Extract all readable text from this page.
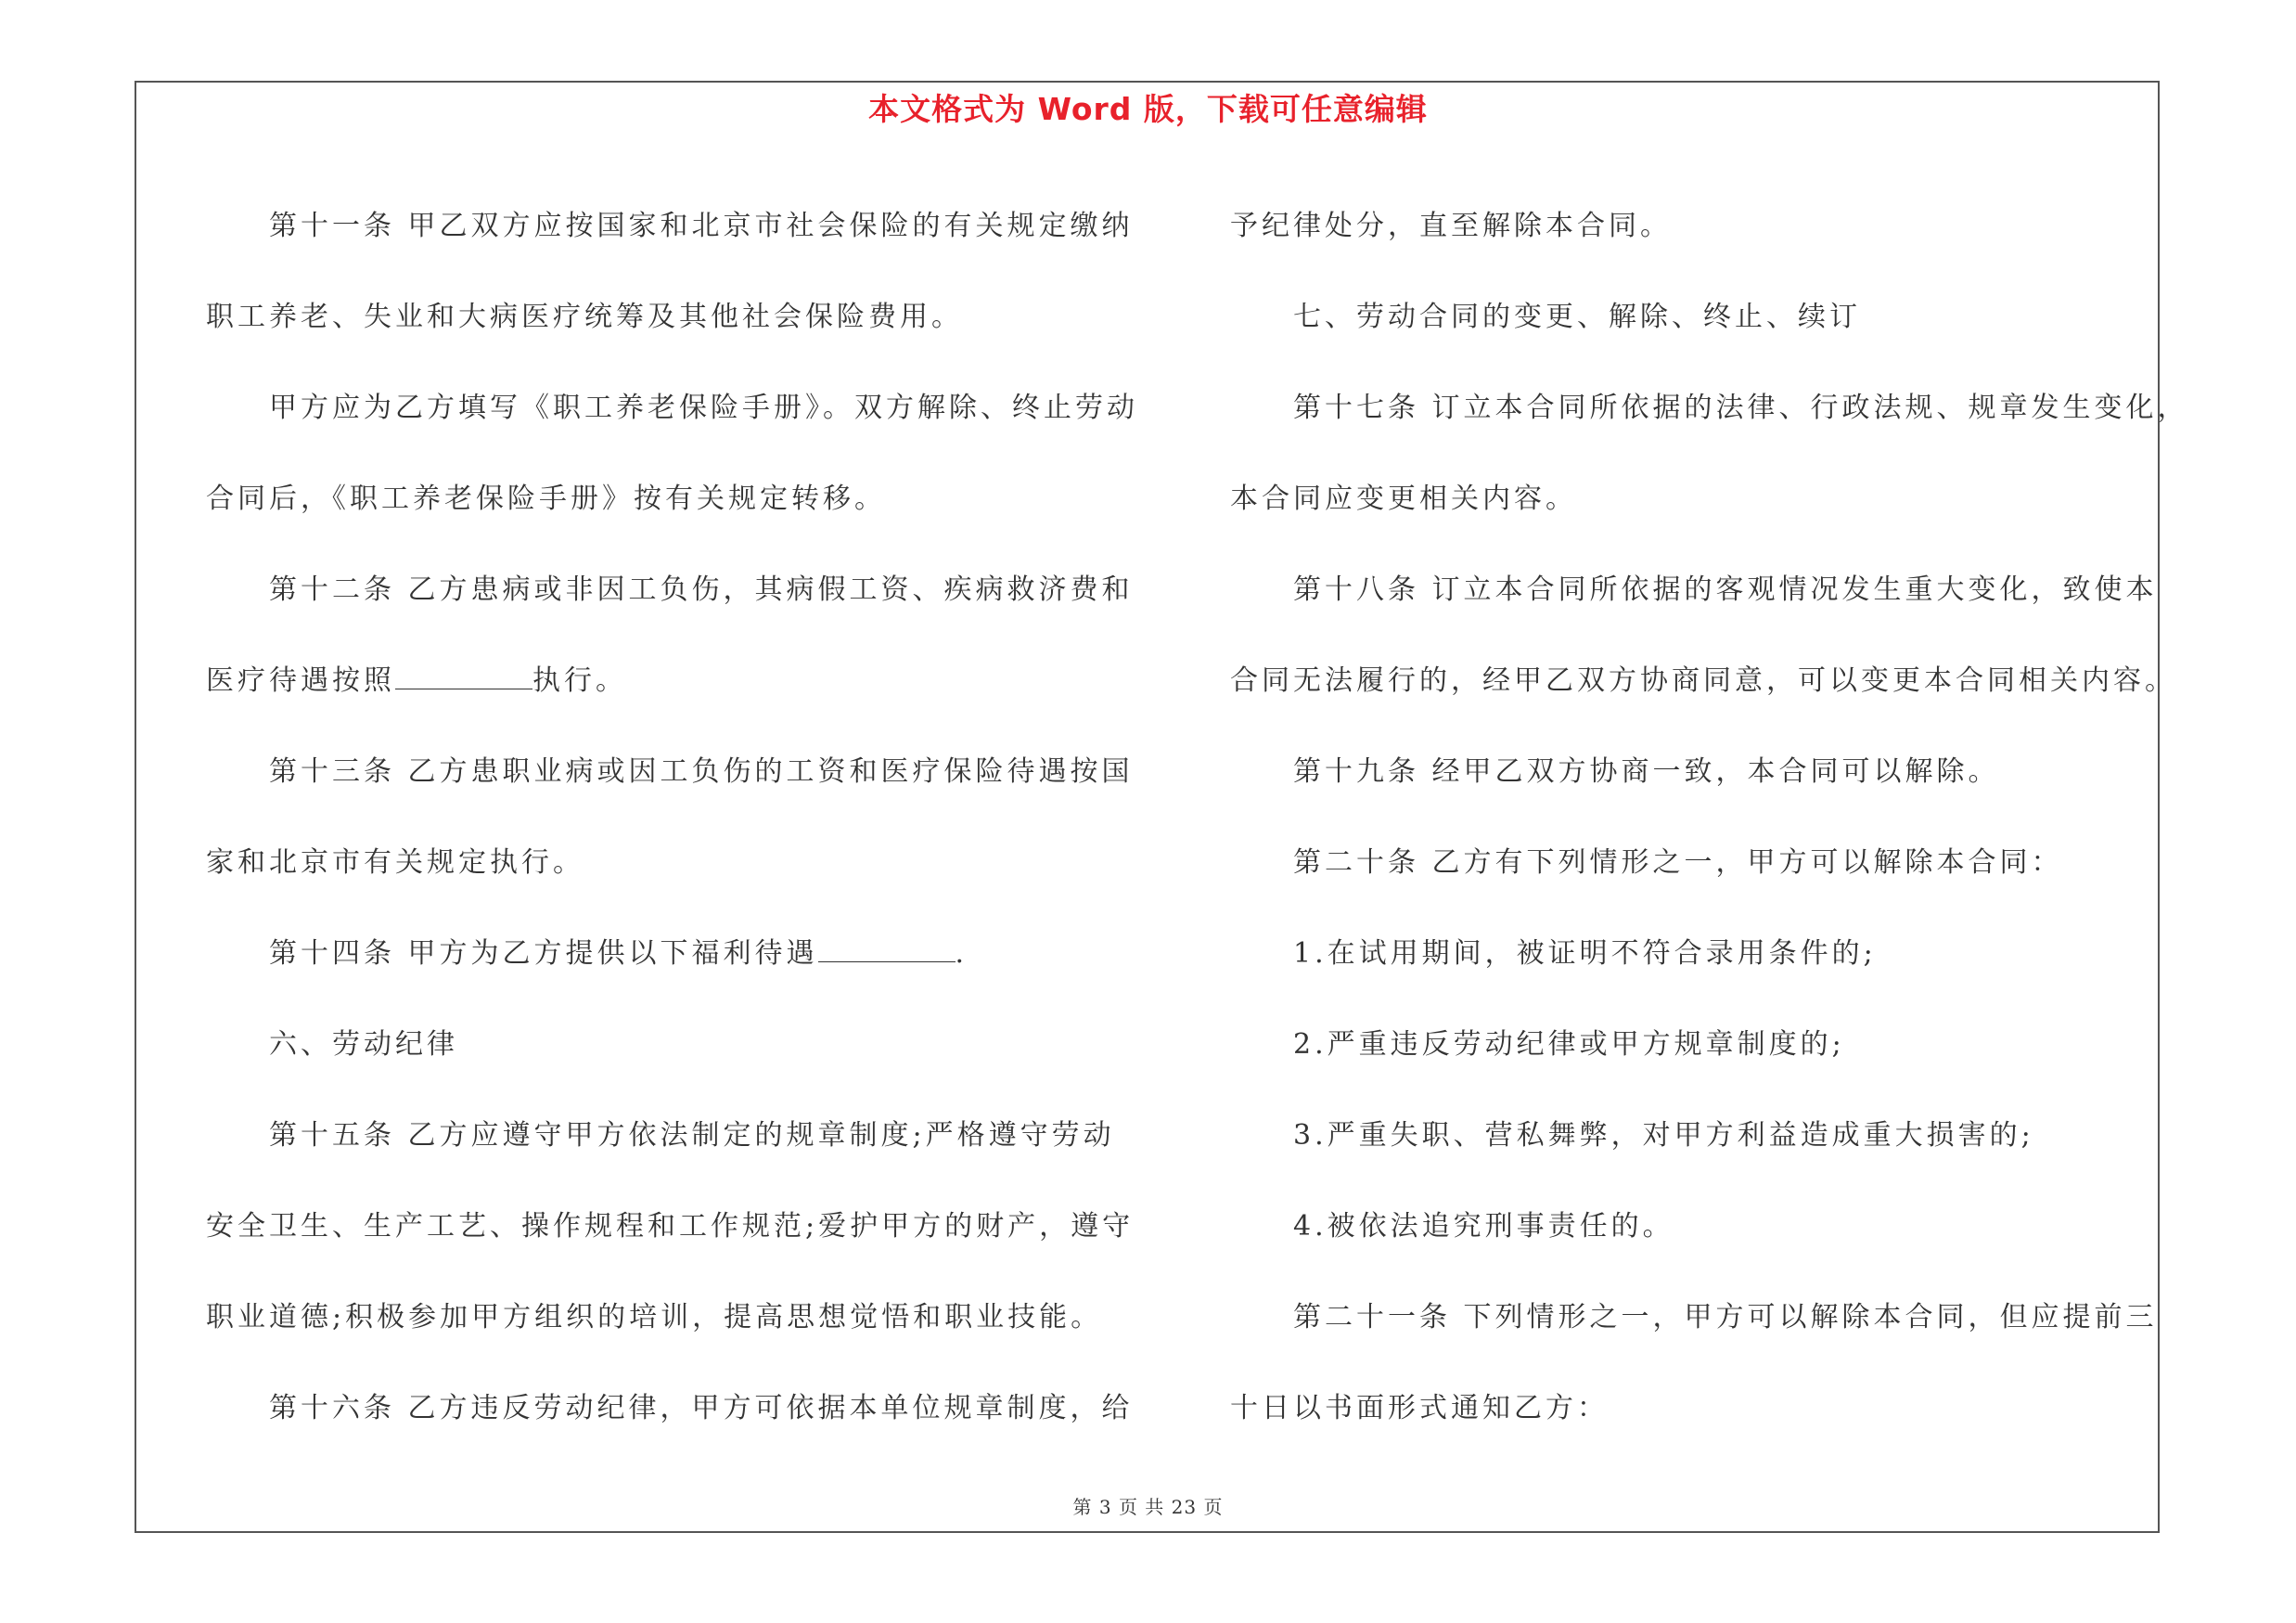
本文格式为 Word 版，下载可任意编辑
第十一条 甲乙双方应按国家和北京市社会保险的有关规定缴纳
职工养老、失业和大病医疗统筹及其他社会保险费用。
甲方应为乙方填写《职工养老保险手册》。双方解除、终止劳动
合同后，《职工养老保险手册》按有关规定转移。
第十二条 乙方患病或非因工负伤，其病假工资、疾病救济费和
医疗待遇按照	执行。
第十三条 乙方患职业病或因工负伤的工资和医疗保险待遇按国
家和北京市有关规定执行。
第十四条 甲方为乙方提供以下福利待遇	.
六、劳动纪律
第十五条 乙方应遵守甲方依法制定的规章制度;严格遵守劳动
安全卫生、生产工艺、操作规程和工作规范;爱护甲方的财产，遵守
职业道德;积极参加甲方组织的培训，提高思想觉悟和职业技能。
第十六条 乙方违反劳动纪律，甲方可依据本单位规章制度，给
予纪律处分，直至解除本合同。
七、劳动合同的变更、解除、终止、续订
第十七条 订立本合同所依据的法律、行政法规、规章发生变化，
本合同应变更相关内容。
第十八条 订立本合同所依据的客观情况发生重大变化，致使本
合同无法履行的，经甲乙双方协商同意，可以变更本合同相关内容。
第十九条 经甲乙双方协商一致，本合同可以解除。
第二十条 乙方有下列情形之一，甲方可以解除本合同：
1.在试用期间，被证明不符合录用条件的;
2.严重违反劳动纪律或甲方规章制度的;
3.严重失职、营私舞弊，对甲方利益造成重大损害的;
4.被依法追究刑事责任的。
第二十一条 下列情形之一，甲方可以解除本合同，但应提前三
十日以书面形式通知乙方：
第 3 页 共 23 页
